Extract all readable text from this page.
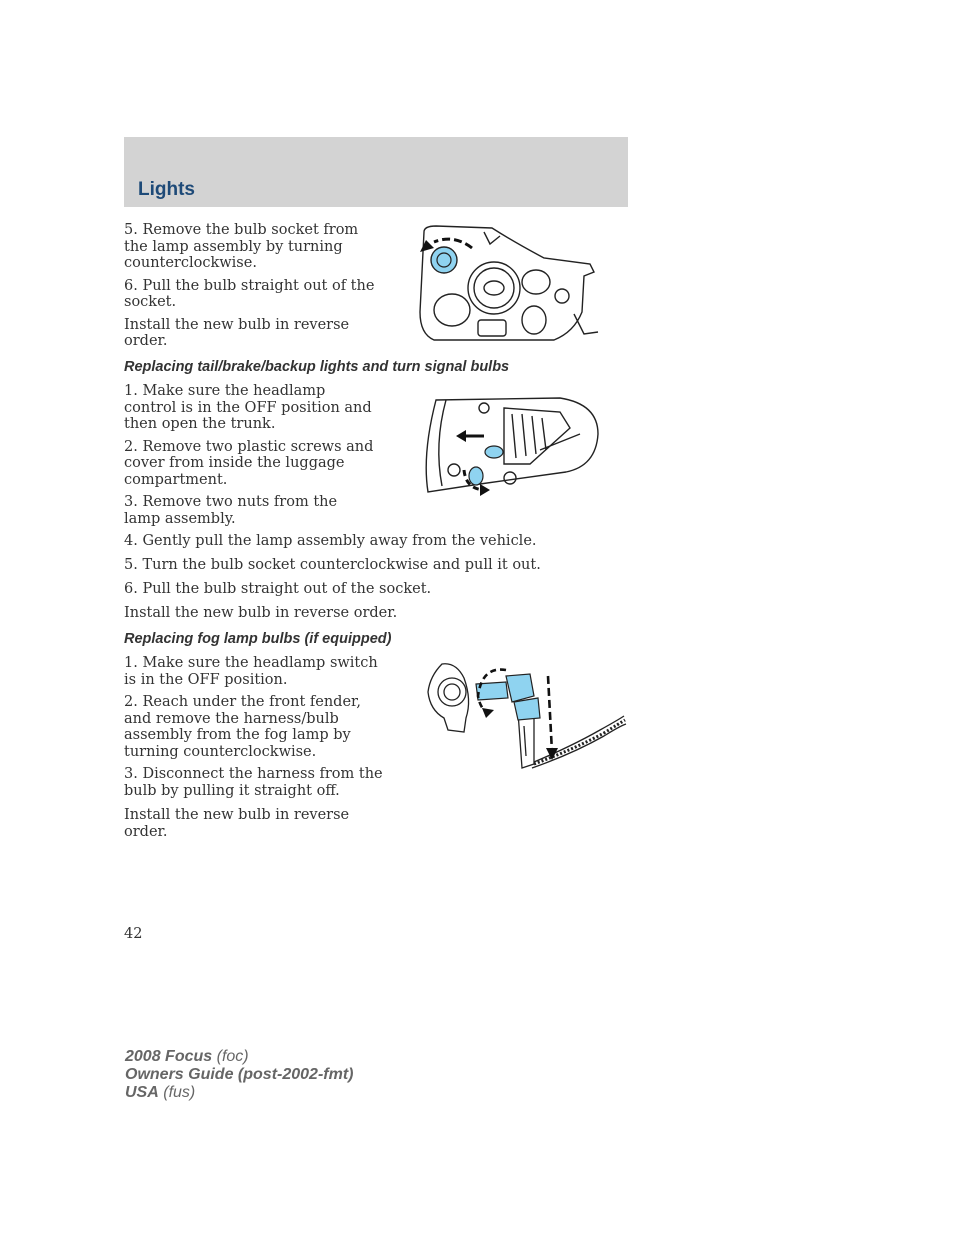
Lights

5. Remove the bulb socket from the lamp assembly by turning counterclockwise.

6. Pull the bulb straight out of the socket.

Install the new bulb in reverse order.

Replacing tail/brake/backup lights and turn signal bulbs

1. Make sure the headlamp control is in the OFF position and then open the trunk.

2. Remove two plastic screws and cover from inside the luggage compartment.

3. Remove two nuts from the lamp assembly.

4. Gently pull the lamp assembly away from the vehicle.

5. Turn the bulb socket counterclockwise and pull it out.

6. Pull the bulb straight out of the socket.

Install the new bulb in reverse order.

Replacing fog lamp bulbs (if equipped)

1. Make sure the headlamp switch is in the OFF position.

2. Reach under the front fender, and remove the harness/bulb assembly from the fog lamp by turning counterclockwise.

3. Disconnect the harness from the bulb by pulling it straight off.

Install the new bulb in reverse order.

42
2008 Focus (foc)
Owners Guide (post-2002-fmt)
USA (fus)
